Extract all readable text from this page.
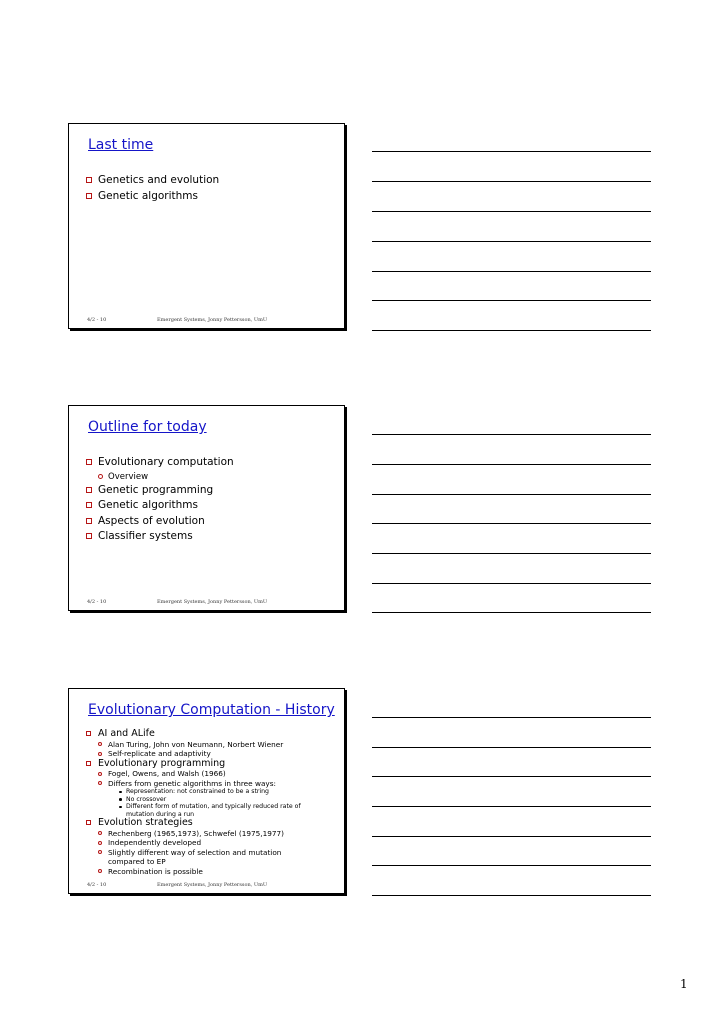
Last time
Genetics and evolution
Genetic algorithms
4/2 - 10	Emergent Systems, Jonny Pettersson, UmU
Outline for today
Evolutionary computation
Overview
Genetic programming
Genetic algorithms
Aspects of evolution
Classifier systems
4/2 - 10	Emergent Systems, Jonny Pettersson, UmU
Evolutionary Computation - History
AI and ALife
Alan Turing, John von Neumann, Norbert Wiener
Self-replicate and adaptivity
Evolutionary programming
Fogel, Owens, and Walsh (1966)
Differs from genetic algorithms in three ways:
Representation: not constrained to be a string
No crossover
Different form of mutation, and typically reduced rate of mutation during a run
Evolution strategies
Rechenberg (1965,1973), Schwefel (1975,1977)
Independently developed
Slightly different way of selection and mutation compared to EP
Recombination is possible
4/2 - 10	Emergent Systems, Jonny Pettersson, UmU
1
